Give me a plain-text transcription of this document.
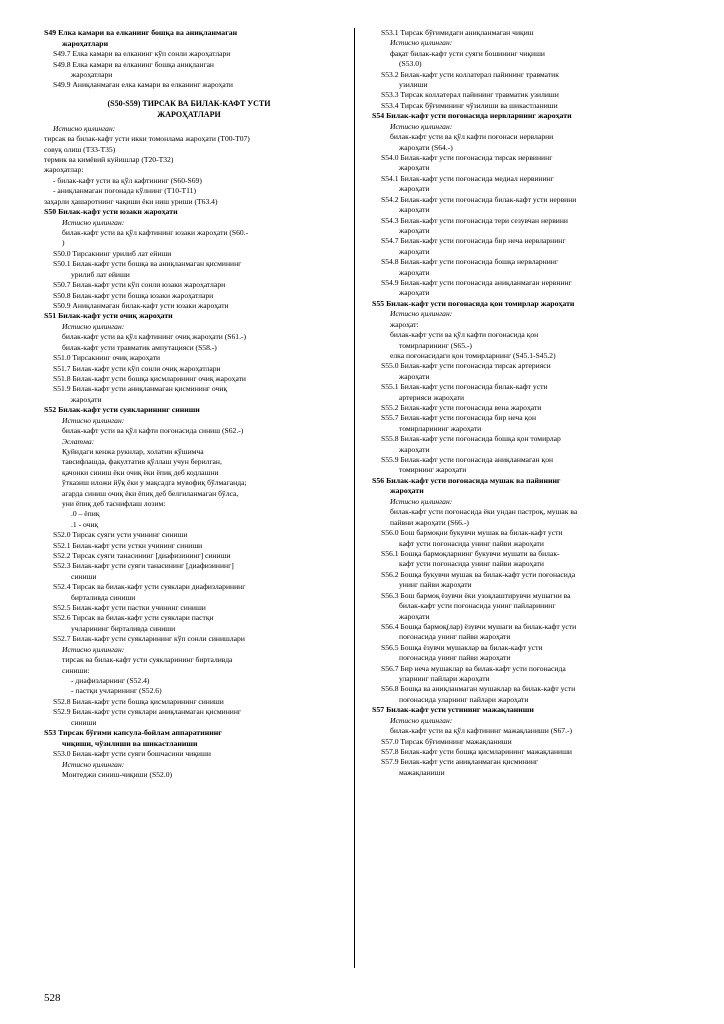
S49 Елка камари ва елканинг бошқа ва аниқланмаган
жароҳатлари
S49.7 Елка камари ва елканинг кўп сонли жароҳатлари
S49.8 Елка камари ва елканинг бошқа аниқланган
жароҳатлари
S49.9 Аниқланмаган елка камари ва елканинг жароҳати
(S50-S59) ТИРСАК ВА БИЛАК-КАФТ УСТИ
ЖАРОҲАТЛАРИ
Истисно қилинган:
тирсак ва билак-кафт усти икки томонлама жароҳати (Т00-Т07)
совуқ олиш (Т33-Т35)
термик ва кимёвий куйишлар (Т20-Т32)
жароҳатлар:
- билак-кафт усти ва қўл кафтининг (S60-S69)
- аниқланмаган поғонада кўлнинг (Т10-Т11)
заҳарли ҳашаротнинг чақиши ёки ниш уриши (Т63.4)
S50 Билак-кафт усти юзаки жароҳати
Истисно қилинган:
билак-кафт усти ва қўл кафтининг юзаки жароҳати (S60.-
)
S50.0 Тирсакнинг урилиб лат ейиши
S50.1 Билак-кафт усти бошқа ва аниқланмаган қисмининг
урилиб лат ейиши
S50.7 Билак-кафт усти кўп сонли юзаки жароҳатлари
S50.8 Билак-кафт усти бошқа юзаки жароҳатлари
S50.9 Аниқланмаган билак-кафт усти юзаки жароҳати
S51 Билак-кафт усти очиқ жароҳати
Истисно қилинган:
билак-кафт усти ва қўл кафтининг очиқ жароҳати (S61.-)
билак-кафт усти травматик ампутацияси (S58.-)
S51.0 Тирсакнинг очиқ жароҳати
S51.7 Билак-кафт усти кўп сонли очиқ жароҳатлари
S51.8 Билак-кафт усти бошқа қисмларининг очиқ жароҳати
S51.9 Билак-кафт усти аниқланмаган қисмининг очиқ
жароҳати
S52 Билак-кафт усти суякларининг синиши
Истисно қилинган:
билак-кафт усти ва қўл кафти поғонасида синиш (S62.-)
Эслатма:
Қуйидаги кенжа рукнлар, холатни кўшимча
тавсифлашда, факултатив қўллаш учун берилган,
қачонки синиш ёки очиқ ёки ёпиқ деб кодлашни
ўтказиш иложи йўқ ёки у мақсадга мувофиқ бўлмаганда;
агарда синиш очиқ ёки ёпиқ деб белгиланмаган бўлса,
уни ёпиқ деб таснифлаш лозим:
.0 – ёпиқ
.1 - очиқ
S52.0 Тирсак суяги усти учининг синиши
S52.1 Билак-кафт усти усткн учининг синиши
S52.2 Тирсак суяги танасининг [диафизининг] синиши
S52.3 Билак-кафт усти суяги танасининг [диафизининг]
синиши
S52.4 Тирсак ва билак-кафт усти суяклари диафизларининг
бирталивда синиши
S52.5 Билак-кафт усти пастки учининг синиши
S52.6 Тирсак ва билак-кафт усти суяклари пастқи
учларининг бирталивда синиши
S52.7 Билак-кафт усти суякларининг кўп сонли синишлари
Истисно қилинган:
тирсак ва билак-кафт усти суякларининг бирталивда
синиши:
- диафизларнинг (S52.4)
- пастқи учларининг (S52.6)
S52.8 Билак-кафт усти бошқа қисмларининг синиши
S52.9 Билак-кафт усти суяклари аниқланмаган қисмининг
синиши
S53 Тирсак бўғими капсула-бойлам аппаратининг
чиқиши, чўзилиши ва шикастланиши
S53.0 Билак-кафт усти суяги бошчасини чиқиши
Истисно қилинган:
Монтеджи синиш-чиқиши (S52.0)
S53.1 Тирсак бўғимидаги аниқланмаган чиқиш
Истисно қилинган:
фақат билак-кафт усти суяги бошининг чиқиши
(S53.0)
S53.2 Билак-кафт усти коллатерал пайининг травматик
узилиши
S53.3 Тирсак коллатерал пайининг травматик узилиши
S53.4 Тирсак бўғимининг чўзилиши ва шикастланиши
S54 Билак-кафт усти поғонасида нервларнинг жароҳати
Истисно қилинган:
билак-кафт усти ва қўл кафти поғонаси нервларни
жароҳати (S64.-)
S54.0 Билак-кафт усти поғонасида тирсак нервининг
жароҳати
S54.1 Билак-кафт усти поғонасида медиал нервининг
жароҳати
S54.2 Билак-кафт усти поғонасида билак-кафт усти нервини
жароҳати
S54.3 Билак-кафт усти поғонасида тери сезувчан нервини
жароҳати
S54.7 Билак-кафт усти поғонасида бир неча нервларнинг
жароҳати
S54.8 Билак-кафт усти поғонасида бошқа нервларнинг
жароҳати
S54.9 Билак-кафт усти поғонасида аниқланмаган нервнинг
жароҳати
S55 Билак-кафт усти поғонасида қон томирлар жароҳати
Истисно қилинган:
жароҳат:
билак-кафт усти ва қўл кафти поғонасида қон
томирларининг (S65.-)
елка поғонасидаги қон томирларнинг (S45.1-S45.2)
S55.0 Билак-кафт усти поғонасида тирсак артерияси
жароҳати
S55.1 Билак-кафт усти поғонасида билак-кафт усти
артерияси жароҳати
S55.2 Билак-кафт усти поғонасида вена жароҳати
S55.7 Билак-кафт усти поғонасида бир неча қон
томирларининг жароҳати
S55.8 Билак-кафт усти поғонасида бошқа қон томирлар
жароҳати
S55.9 Билак-кафт усти поғонасида аниқланмаган қон
томирнинг жароҳати
S56 Билак-кафт усти поғонасида мушак ва пайининг
жароҳати
Истисно қилинган:
билак-кафт усти поғонасида ёки ундан пастроқ, мушак ва
пайвни жароҳати (S66.-)
S56.0 Бош бармоқни букувчи мушак ва билак-кафт усти
кафт усти поғонасида унинг пайви жароҳати
S56.1 Бошқа бармоқларнинг букувчи мушати ва билак-
кафт усти поғонасида унинг пайви жароҳати
S56.2 Бошқа букувчи мушак ва билак-кафт усти поғонасида
унинг пайви жароҳати
S56.3 Бош бармоқ ёзувчи ёки узоқлаштирувчи мушагни ва
билак-кафт усти поғонасида унинг пайларининг
жароҳати
S56.4 Бошқа бармоқ(лар) ёзувчи мушаги ва билак-кафт усти
поғонасида унинг пайви жароҳати
S56.5 Бошқа ёзувчи мушаклар ва билак-кафт усти
поғонасида унинг пайви жароҳати
S56.7 Бир неча мушаклар ва билак-кафт усти поғонасида
уларнинг пайлари жароҳати
S56.8 Бошқа ва аниқланмаган мушаклар ва билак-кафт усти
поғонасида уларнинг пайлари жароҳати
S57 Билак-кафт усти устининг мажақланиши
Истисно қилинган:
билак-кафт усти ва қўл кафтининг мажақланиши (S67.-)
S57.0 Тирсак бўғимининг мажақланиши
S57.8 Билак-кафт усти бошқа қисмларининг мажақланиши
S57.9 Билак-кафт усти аниқланмаган қисмининг
мажақланиши
528
